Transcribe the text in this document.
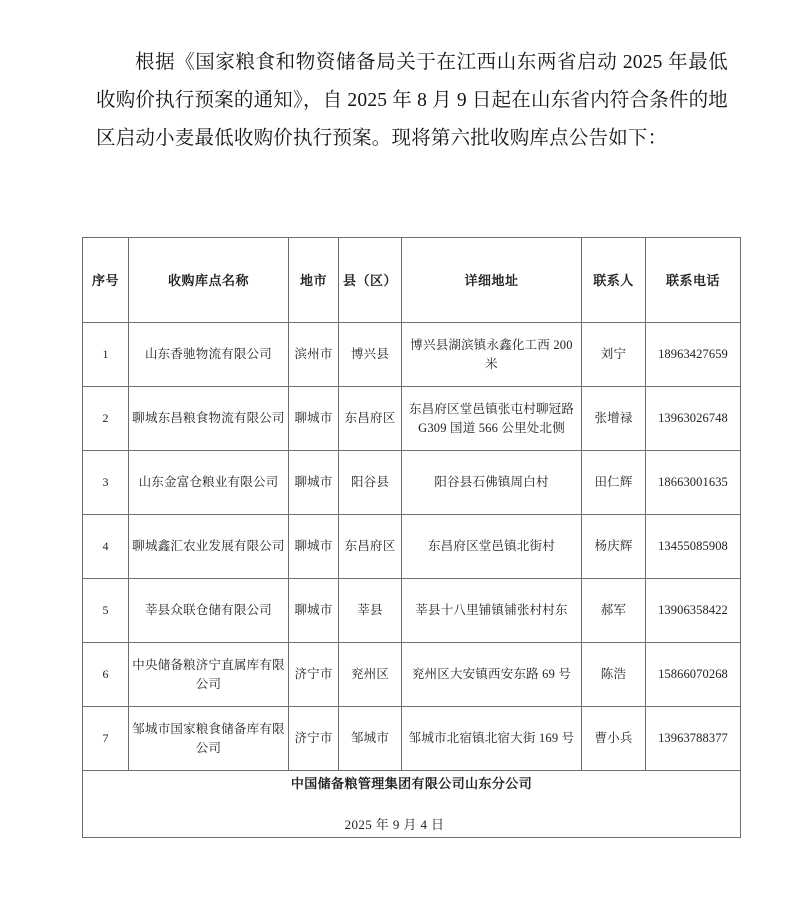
根据《国家粮食和物资储备局关于在江西山东两省启动 2025 年最低收购价执行预案的通知》，自 2025 年 8 月 9 日起在山东省内符合条件的地区启动小麦最低收购价执行预案。现将第六批收购库点公告如下：

序号	收购库点名称	地市	县（区）	详细地址	联系人	联系电话
1	山东香驰物流有限公司	滨州市	博兴县	博兴县湖滨镇永鑫化工西 200 米	刘宁	18963427659
2	聊城东昌粮食物流有限公司	聊城市	东昌府区	东昌府区堂邑镇张屯村聊冠路 G309 国道 566 公里处北侧	张增禄	13963026748
3	山东金富仓粮业有限公司	聊城市	阳谷县	阳谷县石佛镇周白村	田仁辉	18663001635
4	聊城鑫汇农业发展有限公司	聊城市	东昌府区	东昌府区堂邑镇北街村	杨庆辉	13455085908
5	莘县众联仓储有限公司	聊城市	莘县	莘县十八里铺镇铺张村村东	郝军	13906358422
6	中央储备粮济宁直属库有限公司	济宁市	兖州区	兖州区大安镇西安东路 69 号	陈浩	15866070268
7	邹城市国家粮食储备库有限公司	济宁市	邹城市	邹城市北宿镇北宿大街 169 号	曹小兵	13963788377

中国储备粮管理集团有限公司山东分公司
2025 年 9 月 4 日						
